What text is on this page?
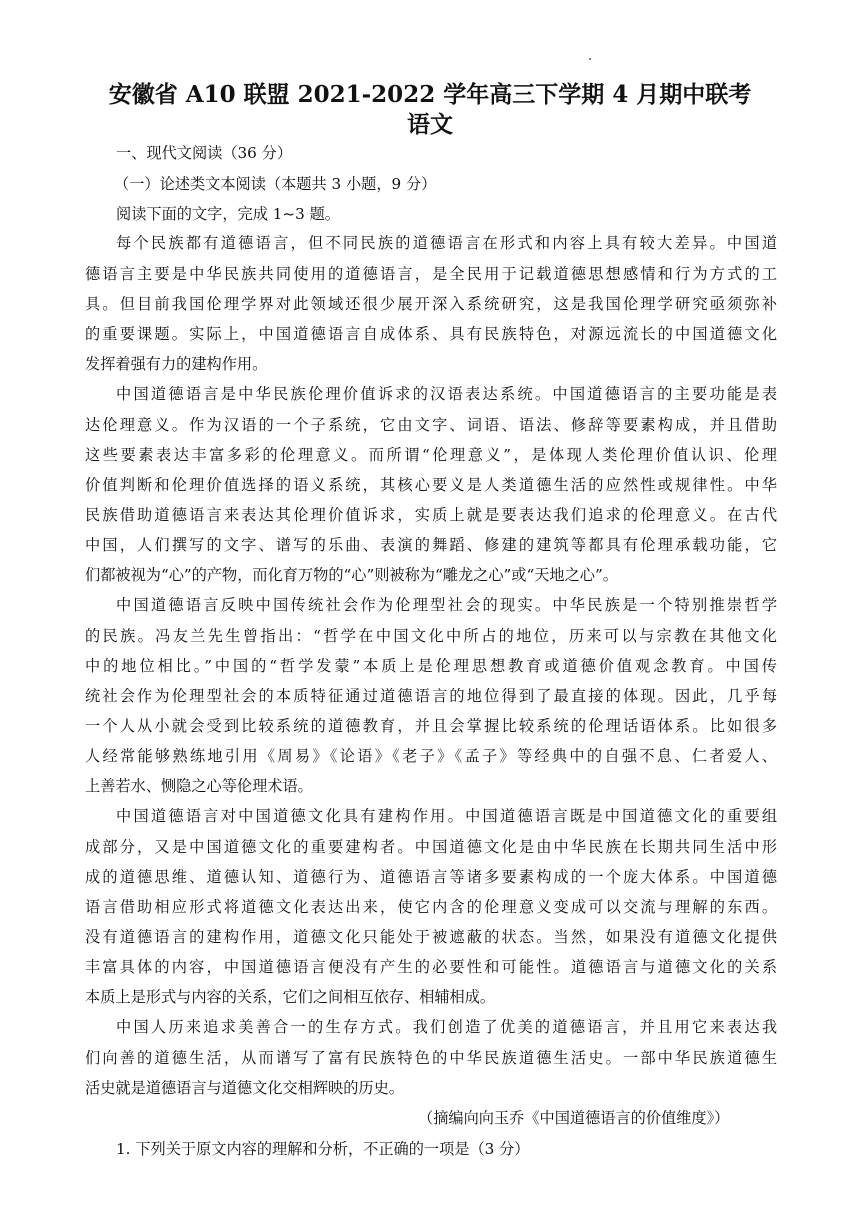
安徽省 A10 联盟 2021-2022 学年高三下学期 4 月期中联考
语文
一、现代文阅读（36 分）
（一）论述类文本阅读（本题共 3 小题，9 分）
阅读下面的文字，完成 1~3 题。
每个民族都有道德语言，但不同民族的道德语言在形式和内容上具有较大差异。中国道
德语言主要是中华民族共同使用的道德语言，是全民用于记载道德思想感情和行为方式的工
具。但目前我国伦理学界对此领域还很少展开深入系统研究，这是我国伦理学研究亟须弥补
的重要课题。实际上，中国道德语言自成体系、具有民族特色，对源远流长的中国道德文化
发挥着强有力的建构作用。
中国道德语言是中华民族伦理价值诉求的汉语表达系统。中国道德语言的主要功能是表
达伦理意义。作为汉语的一个子系统，它由文字、词语、语法、修辞等要素构成，并且借助
这些要素表达丰富多彩的伦理意义。而所谓“伦理意义”，是体现人类伦理价值认识、伦理
价值判断和伦理价值选择的语义系统，其核心要义是人类道德生活的应然性或规律性。中华
民族借助道德语言来表达其伦理价值诉求，实质上就是要表达我们追求的伦理意义。在古代
中国，人们撰写的文字、谱写的乐曲、表演的舞蹈、修建的建筑等都具有伦理承载功能，它
们都被视为“心”的产物，而化育万物的“心”则被称为“雕龙之心”或“天地之心”。
中国道德语言反映中国传统社会作为伦理型社会的现实。中华民族是一个特别推崇哲学
的民族。冯友兰先生曾指出：“哲学在中国文化中所占的地位，历来可以与宗教在其他文化
中的地位相比。”中国的“哲学发蒙”本质上是伦理思想教育或道德价值观念教育。中国传
统社会作为伦理型社会的本质特征通过道德语言的地位得到了最直接的体现。因此，几乎每
一个人从小就会受到比较系统的道德教育，并且会掌握比较系统的伦理话语体系。比如很多
人经常能够熟练地引用《周易》《论语》《老子》《孟子》等经典中的自强不息、仁者爱人、
上善若水、恻隐之心等伦理术语。
中国道德语言对中国道德文化具有建构作用。中国道德语言既是中国道德文化的重要组
成部分，又是中国道德文化的重要建构者。中国道德文化是由中华民族在长期共同生活中形
成的道德思维、道德认知、道德行为、道德语言等诸多要素构成的一个庞大体系。中国道德
语言借助相应形式将道德文化表达出来，使它内含的伦理意义变成可以交流与理解的东西。
没有道德语言的建构作用，道德文化只能处于被遮蔽的状态。当然，如果没有道德文化提供
丰富具体的内容，中国道德语言便没有产生的必要性和可能性。道德语言与道德文化的关系
本质上是形式与内容的关系，它们之间相互依存、相辅相成。
中国人历来追求美善合一的生存方式。我们创造了优美的道德语言，并且用它来表达我
们向善的道德生活，从而谱写了富有民族特色的中华民族道德生活史。一部中华民族道德生
活史就是道德语言与道德文化交相辉映的历史。
（摘编向向玉乔《中国道德语言的价值维度》）
1. 下列关于原文内容的理解和分析，不正确的一项是（3 分）
